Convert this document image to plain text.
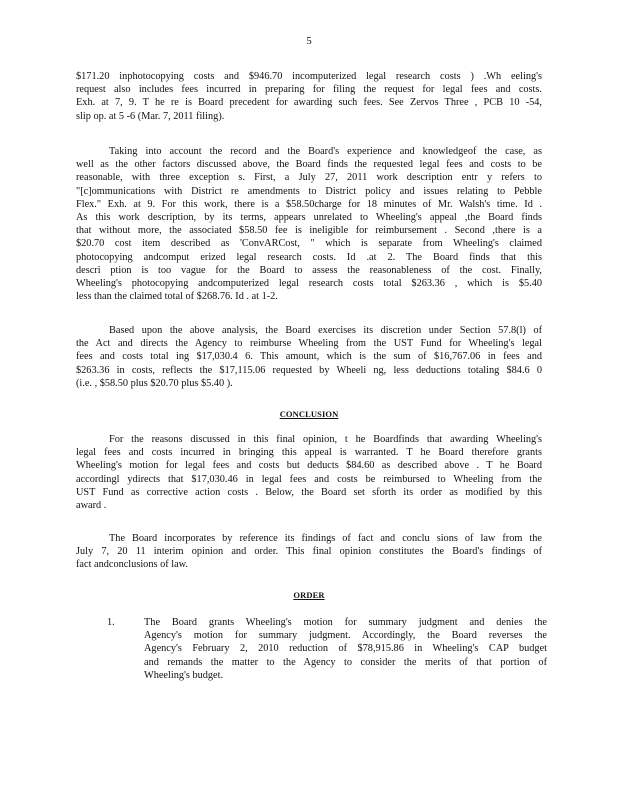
5

$171.20 inphotocopying costs and $946.70 incomputerized legal research costs ) .Wh eeling's
request also includes fees incurred in preparing for filing the request for legal fees and costs.
Exh. at 7, 9. T he re is Board precedent for awarding such fees. See Zervos Three , PCB 10 -54,
slip op. at 5 -6 (Mar. 7, 2011 filing).

Taking into account the record and the Board's experience and knowledgeof the case, as
well as the other factors discussed above, the Board finds the requested legal fees and costs to be
reasonable, with three exception s. First, a July 27, 2011 work description entr y refers to
"[c]ommunications with District re amendments to District policy and issues relating to Pebble
Flex." Exh. at 9. For this work, there is a $58.50charge for 18 minutes of Mr. Walsh's time. Id .
As this work description, by its terms, appears unrelated to Wheeling's appeal ,the Board finds
that without more, the associated $58.50 fee is ineligible for reimbursement . Second ,there is a
$20.70 cost item described as 'ConvARCost, " which is separate from Wheeling's claimed
photocopying andcomput erized legal research costs. Id .at 2. The Board finds that this
descri ption is too vague for the Board to assess the reasonableness of the cost. Finally,
Wheeling's photocopying andcomputerized legal research costs total $263.36 , which is $5.40
less than the claimed total of $268.76. Id . at 1-2.

Based upon the above analysis, the Board exercises its discretion under Section 57.8(l) of
the Act and directs the Agency to reimburse Wheeling from the UST Fund for Wheeling's legal
fees and costs total ing $17,030.4 6. This amount, which is the sum of $16,767.06 in fees and
$263.36 in costs, reflects the $17,115.06 requested by Wheeli ng, less deductions totaling $84.6 0
(i.e. , $58.50 plus $20.70 plus $5.40 ).

CONCLUSION

For the reasons discussed in this final opinion, t he Boardfinds that awarding Wheeling's
legal fees and costs incurred in bringing this appeal is warranted. T he Board therefore grants
Wheeling's motion for legal fees and costs but deducts $84.60 as described above . T he Board
accordingl ydirects that $17,030.46 in legal fees and costs be reimbursed to Wheeling from the
UST Fund as corrective action costs . Below, the Board set sforth its order as modified by this
award .

The Board incorporates by reference its findings of fact and conclu sions of law from the
July 7, 20 11 interim opinion and order. This final opinion constitutes the Board's findings of
fact andconclusions of law.

ORDER
1.	The Board grants Wheeling's motion for summary judgment and denies the
Agency's motion for summary judgment. Accordingly, the Board reverses the
Agency's February 2, 2010 reduction of $78,915.86 in Wheeling's CAP budget
and remands the matter to the Agency to consider the merits of that portion of
Wheeling's budget.
